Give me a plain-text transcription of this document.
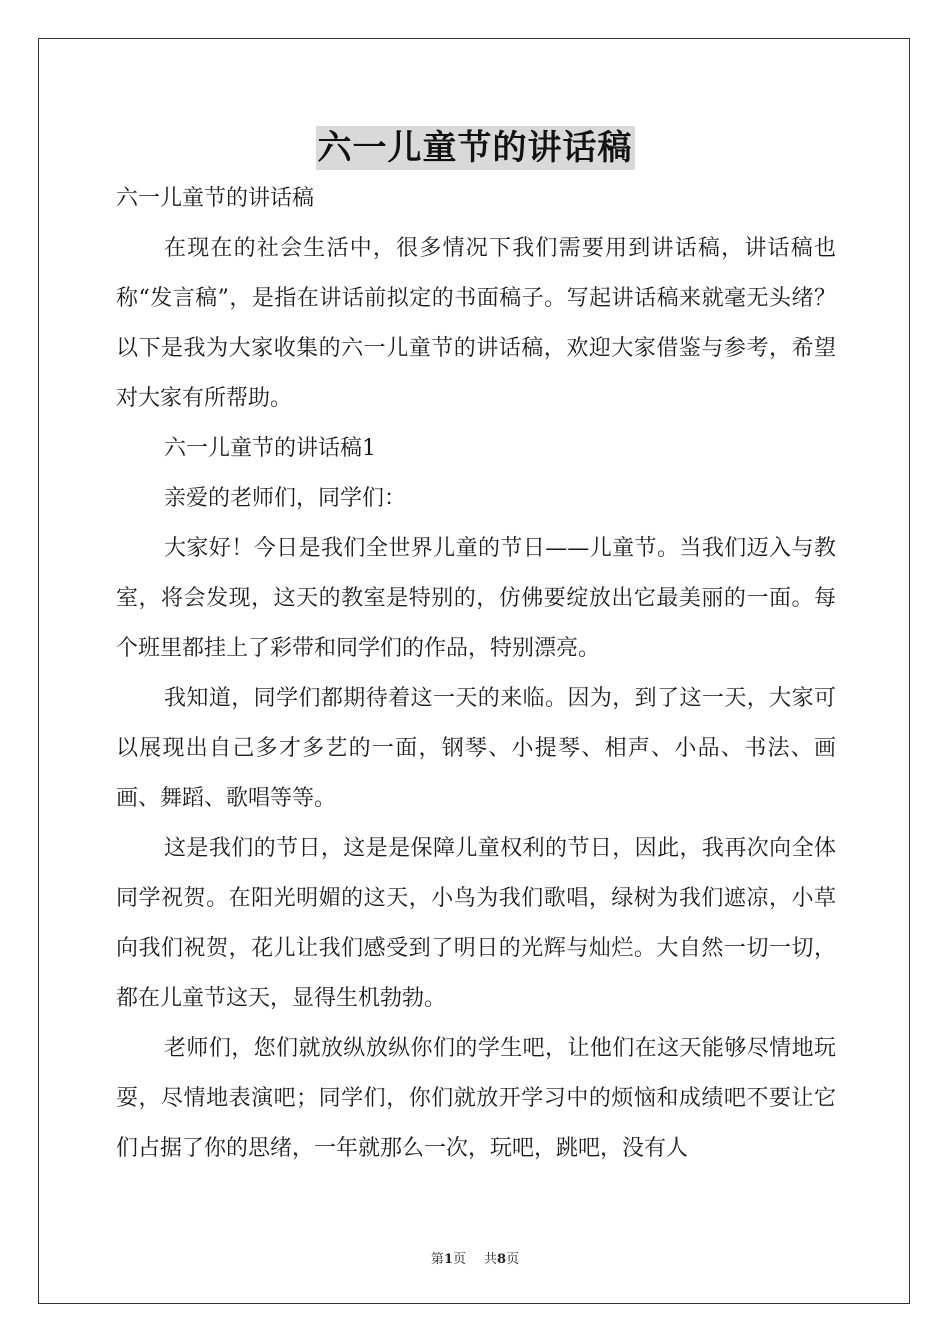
六一儿童节的讲话稿

六一儿童节的讲话稿

在现在的社会生活中，很多情况下我们需要用到讲话稿，讲话稿也称“发言稿”，是指在讲话前拟定的书面稿子。写起讲话稿来就毫无头绪？以下是我为大家收集的六一儿童节的讲话稿，欢迎大家借鉴与参考，希望对大家有所帮助。

六一儿童节的讲话稿1

亲爱的老师们，同学们：

大家好！今日是我们全世界儿童的节日——儿童节。当我们迈入与教室，将会发现，这天的教室是特别的，仿佛要绽放出它最美丽的一面。每个班里都挂上了彩带和同学们的作品，特别漂亮。

我知道，同学们都期待着这一天的来临。因为，到了这一天，大家可以展现出自己多才多艺的一面，钢琴、小提琴、相声、小品、书法、画画、舞蹈、歌唱等等。

这是我们的节日，这是是保障儿童权利的节日，因此，我再次向全体同学祝贺。在阳光明媚的这天，小鸟为我们歌唱，绿树为我们遮凉，小草向我们祝贺，花儿让我们感受到了明日的光辉与灿烂。大自然一切一切，都在儿童节这天，显得生机勃勃。

老师们，您们就放纵放纵你们的学生吧，让他们在这天能够尽情地玩耍，尽情地表演吧；同学们，你们就放开学习中的烦恼和成绩吧不要让它们占据了你的思绪，一年就那么一次，玩吧，跳吧，没有人

第1页 共8页
